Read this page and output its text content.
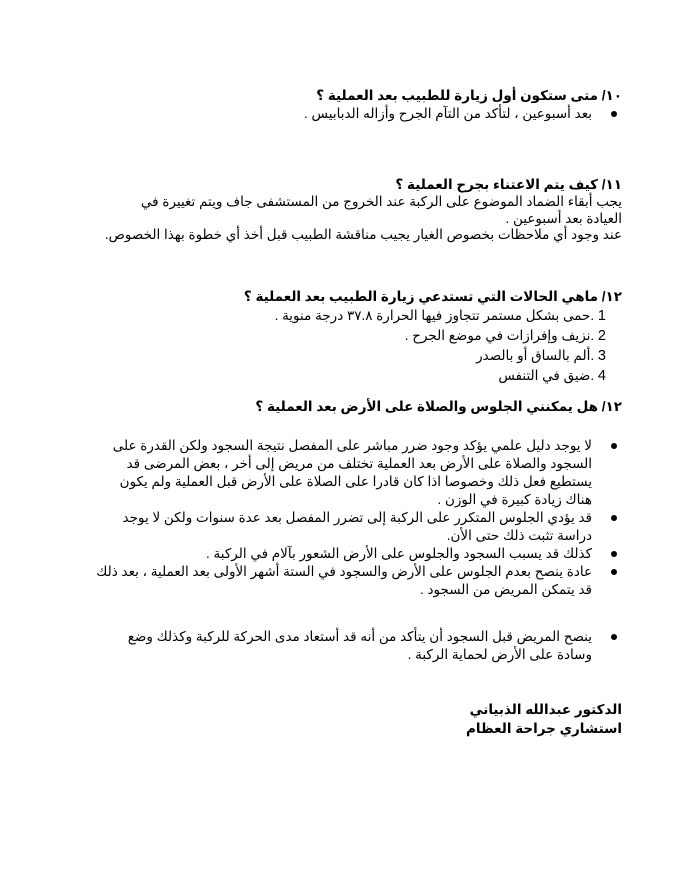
١٠/ متى ستكون أول زيارة للطبيب بعد العملية ؟

بعد أسبوعين ، لتأكد من التآم الجرح وأزاله الدبابيس .

١١/ كيف يتم الاعتناء بجرح العملية ؟

يجب أبقاء الضماد الموضوع على الركبة عند الخروج من المستشفى جاف ويتم تغييرة في العيادة بعد أسبوعين .

عند وجود أي ملاحظات بخصوص الغيار يجيب مناقشة الطبيب قبل أخذ أي خطوة بهذا الخصوص.

١٢/ ماهي الحالات التي تستدعي زيارة الطبيب بعد العملية ؟

1 .حمى بشكل مستمر تتجاوز فيها الحرارة ٣٧.٨ درجة منوية .
2 .نزيف وإفرازات في موضع الجرح .
3 .ألم بالساق أو بالصدر
4 .ضيق في التنفس

١٢/ هل يمكنني الجلوس والصلاة على الأرض بعد العملية ؟

لا يوجد دليل علمي يؤكد وجود ضرر مباشر على المفصل نتيجة السجود ولكن القدرة على السجود والصلاة على الأرض بعد العملية تختلف من مريض إلى أخر ، بعض المرضى قد يستطيع فعل ذلك وخصوصا اذا كان قادرا على الصلاة على الأرض قبل العملية ولم يكون هناك زيادة كبيرة في الوزن .
قد يؤدي الجلوس المتكرر على الركبة إلى تضرر المفصل بعد عدة سنوات ولكن لا يوجد دراسة تثبت ذلك حتى الأن.
كذلك قد يسبب السجود والجلوس على الأرض الشعور بآلام في الركبة .
عادة ينصح بعدم الجلوس على الأرض والسجود في الستة أشهر الأولى بعد العملية ، بعد ذلك قد يتمكن المريض من السجود .
ينصح المريض قبل السجود أن يتأكد من أنه قد أستعاد مدى الحركة للركبة وكذلك وضع وسادة على الأرض لحماية الركبة .
الدكتور عبدالله الذبياني
استشاري جراحة العظام
